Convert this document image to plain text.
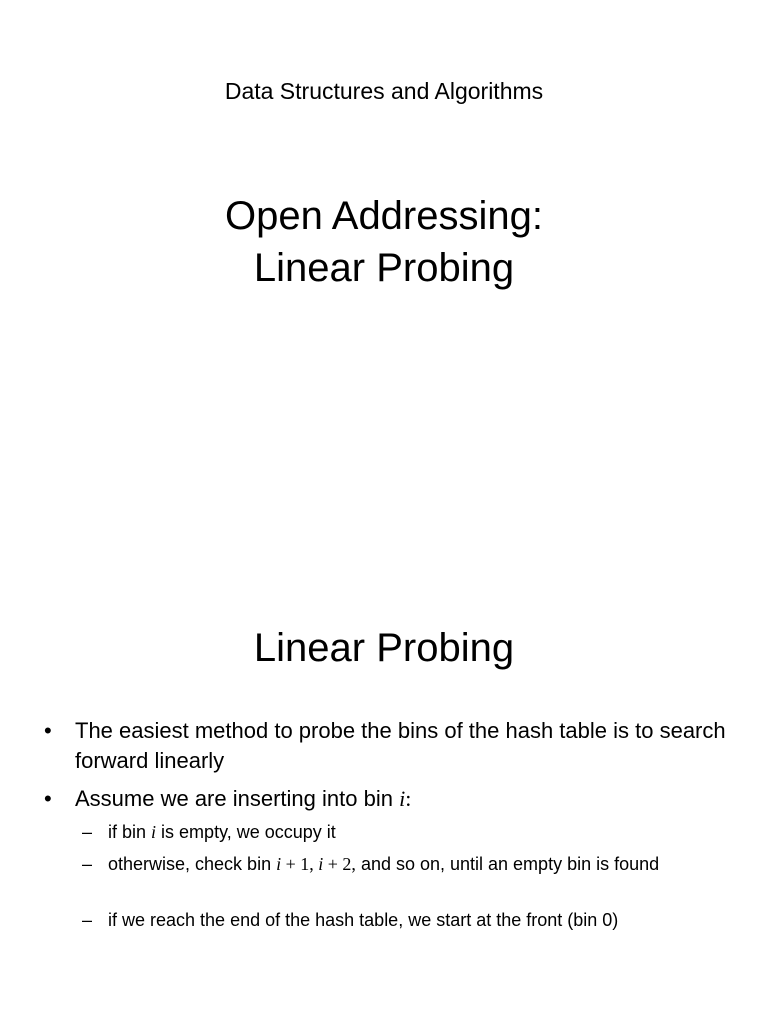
Data Structures and Algorithms
Open Addressing:
Linear Probing
Linear Probing
• The easiest method to probe the bins of the hash table is to search forward linearly
• Assume we are inserting into bin i:
– if bin i is empty, we occupy it
– otherwise, check bin i + 1, i + 2, and so on, until an empty bin is found
– if we reach the end of the hash table, we start at the front (bin 0)
